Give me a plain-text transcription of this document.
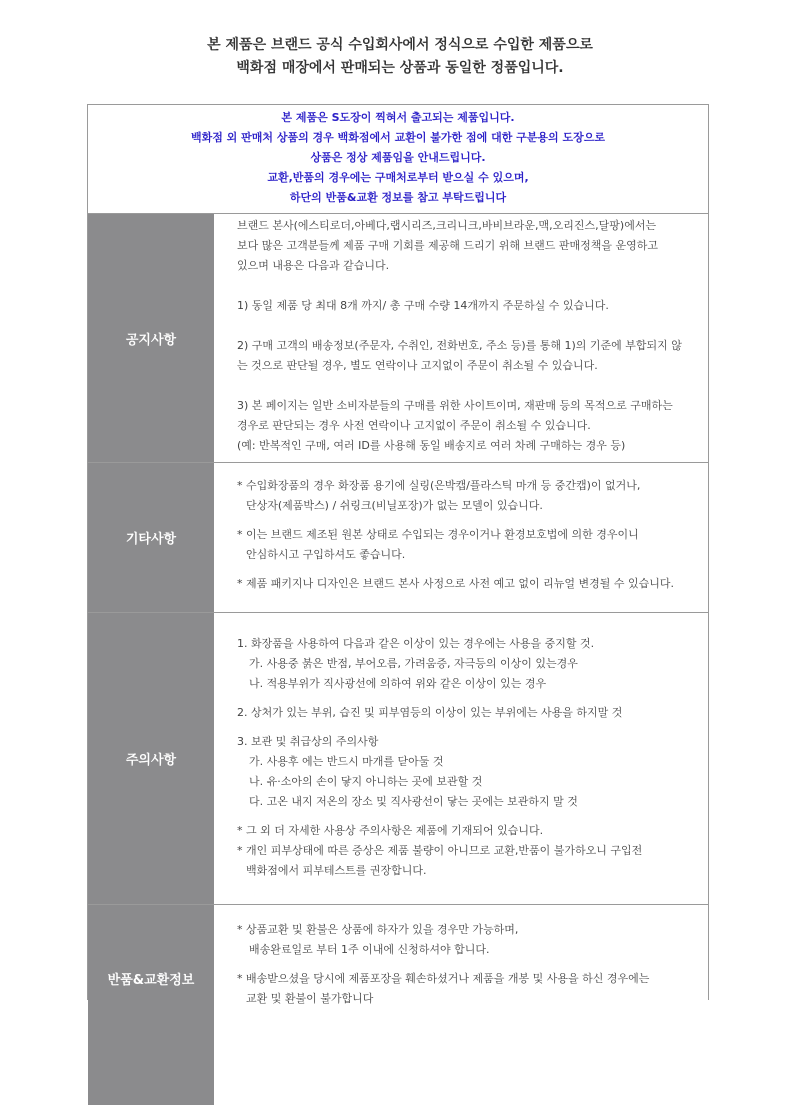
본 제품은 브랜드 공식 수입회사에서 정식으로 수입한 제품으로
백화점 매장에서 판매되는 상품과 동일한 정품입니다.
본 제품은 S도장이 찍혀서 출고되는 제품입니다.
백화점 외 판매처 상품의 경우 백화점에서 교환이 불가한 점에 대한 구분용의 도장으로
상품은 정상 제품임을 안내드립니다.
교환,반품의 경우에는 구매처로부터 받으실 수 있으며,
하단의 반품&교환 정보를 참고 부탁드립니다
공지사항
브랜드 본사(에스티로더,아베다,랩시리즈,크리니크,바비브라운,맥,오리진스,달팡)에서는
보다 많은 고객분들께 제품 구매 기회를 제공해 드리기 위해 브랜드 판매정책을 운영하고
있으며 내용은 다음과 같습니다.
1) 동일 제품 당 최대 8개 까지/ 총 구매 수량 14개까지 주문하실 수 있습니다.
2) 구매 고객의 배송정보(주문자, 수취인, 전화번호, 주소 등)를 통해 1)의 기준에 부합되지 않
는 것으로 판단될 경우, 별도 연락이나 고지없이 주문이 취소될 수 있습니다.
3) 본 페이지는 일반 소비자분들의 구매를 위한 사이트이며, 재판매 등의 목적으로 구매하는
경우로 판단되는 경우 사전 연락이나 고지없이 주문이 취소될 수 있습니다.
(예: 반복적인 구매, 여러 ID를 사용해 동일 배송지로 여러 차례 구매하는 경우 등)
기타사항
* 수입화장품의 경우 화장품 용기에 실링(은박캡/플라스틱 마개 등 중간캡)이 없거나,
단상자(제품박스) / 쉬링크(비닐포장)가 없는 모델이 있습니다.
* 이는 브랜드 제조된 원본 상태로 수입되는 경우이거나 환경보호법에 의한 경우이니
안심하시고 구입하셔도 좋습니다.
* 제품 패키지나 디자인은 브랜드 본사 사정으로 사전 예고 없이 리뉴얼 변경될 수 있습니다.
주의사항
1. 화장품을 사용하여 다음과 같은 이상이 있는 경우에는 사용을 중지할 것.
가. 사용중 붉은 반점, 부어오름, 가려움증, 자극등의 이상이 있는경우
나. 적용부위가 직사광선에 의하여 위와 같은 이상이 있는 경우
2. 상처가 있는 부위, 습진 및 피부염등의 이상이 있는 부위에는 사용을 하지말 것
3. 보관 및 취급상의 주의사항
가. 사용후 에는 반드시 마개를 닫아둘 것
나. 유·소아의 손이 닿지 아니하는 곳에 보관할 것
다. 고온 내지 저온의 장소 및 직사광선이 닿는 곳에는 보관하지 말 것
* 그 외 더 자세한 사용상 주의사항은 제품에 기재되어 있습니다.
* 개인 피부상태에 따른 증상은 제품 불량이 아니므로 교환,반품이 불가하오니 구입전
백화점에서 피부테스트를 권장합니다.
반품&교환정보
* 상품교환 및 환불은 상품에 하자가 있을 경우만 가능하며,
배송완료일로 부터 1주 이내에 신청하셔야 합니다.
* 배송받으셨을 당시에 제품포장을 훼손하셨거나 제품을 개봉 및 사용을 하신 경우에는
교환 및 환불이 불가합니다
